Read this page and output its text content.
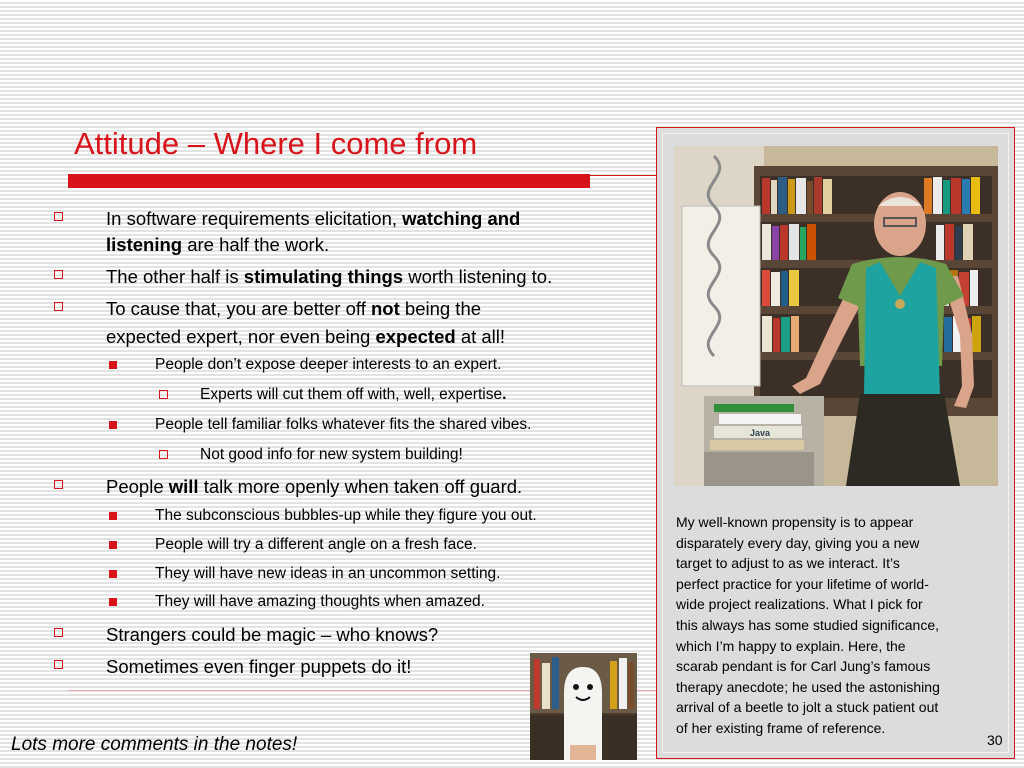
Attitude – Where I come from
In software requirements elicitation, watching and
listening are half the work.
The other half is stimulating things worth listening to.
To cause that, you are better off not being the
expected expert, nor even being expected at all!
People don’t expose deeper interests to an expert.
Experts will cut them off with, well, expertise.
People tell familiar folks whatever fits the shared vibes.
Not good info for new system building!
People will talk more openly when taken off guard.
The subconscious bubbles-up while they figure you out.
People will try a different angle on a fresh face.
They will have new ideas in an uncommon setting.
They will have amazing thoughts when amazed.
Strangers could be magic – who knows?
Sometimes even finger puppets do it!
Java

My well-known propensity is to appear
disparately every day, giving you a new
target to adjust to as we interact. It’s
perfect practice for your lifetime of world-
wide project realizations. What I pick for
this always has some studied significance,
which I’m happy to explain. Here, the
scarab pendant is for Carl Jung’s famous
therapy anecdote; he used the astonishing
arrival of a beetle to jolt a stuck patient out
of her existing frame of reference.

30
Lots more comments in the notes!
